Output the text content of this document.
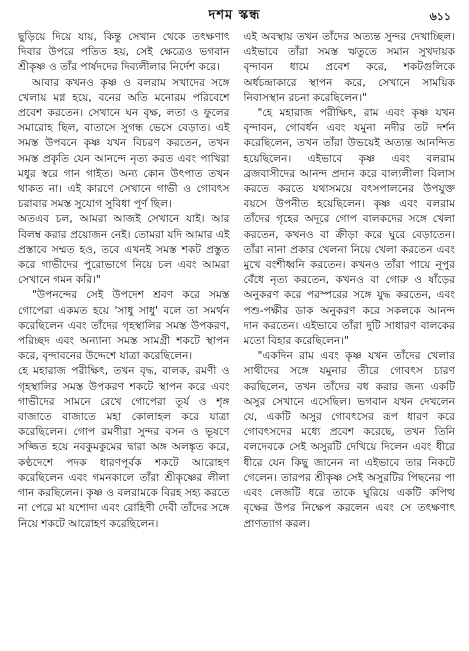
দশম স্কন্ধ	৬১১

ছুড়িয়ে দিয়ে যায়, কিন্তু সেখান থেকে তৎক্ষণাৎ দিবার উপরে পতিত হয়, সেই ক্ষেত্রেও ভগবান শ্রীকৃষ্ণ ও তাঁর পার্ষদদের দিব্যলীলার নির্দেশ করে।

আবার কখনও কৃষ্ণ ও বলরাম সখাদের সঙ্গে খেলায় মগ্ন হয়ে, বনের অতি মনোরম পরিবেশে প্রবেশ করতেন। সেখানে ঘন বৃক্ষ, লতা ও ফুলের সমারোহ ছিল, বাতাসে সুগন্ধ ভেসে বেড়াত। এই সমস্ত উপবনে কৃষ্ণ যখন বিচরণ করতেন, তখন সমস্ত প্রকৃতি যেন আনন্দে নৃত্য করত এবং পাখিরা মধুর স্বরে গান গাইত। অন্য কোন উৎপাত তখন থাকত না। এই কারণে সেখানে গাভী ও গোবৎস চরাবার সমস্ত সুযোগ সুবিধা পূর্ণ ছিল।

অতএব চল, আমরা আজই সেখানে যাই। আর বিলম্ব করার প্রয়োজন নেই। তোমরা যদি আমার এই প্রস্তাবে সম্মত হও, তবে এখনই সমস্ত শকট প্রস্তুত করে গাভীদের পুরোভাগে নিয়ে চল এবং আমরা সেখানে গমন করি।"

"উপনন্দের সেই উপদেশ শ্রবণ করে সমস্ত গোপেরা একমত হয়ে 'সাধু সাধু' বলে তা সমর্থন করেছিলেন এবং তাঁদের গৃহস্থালির সমস্ত উপকরণ, পরিচ্ছদ এবং অন্যান্য সমস্ত সামগ্রী শকটে স্থাপন করে, বৃন্দাবনের উদ্দেশে যাত্রা করেছিলেন।

হে মহারাজ পরীক্ষিৎ, তখন বৃদ্ধ, বালক, রমণী ও গৃহস্থালির সমস্ত উপকরণ শকটে স্থাপন করে এবং গাভীদের সামনে রেখে গোপেরা তূর্য ও শৃঙ্গ বাজাতে বাজাতে মহা কোলাহল করে যাত্রা করেছিলেন। গোপ রমণীরা সুন্দর বসন ও ভূষণে সজ্জিত হয়ে নবকুমকুমের দ্বারা অঙ্গ অলঙ্কৃত করে, কণ্ঠদেশে পদক ধারণপূর্বক শকটে আরোহণ করেছিলেন এবং গমনকালে তাঁরা শ্রীকৃষ্ণের লীলা গান করছিলেন। কৃষ্ণ ও বলরামকে বিরহ সহ্য করতে না পেরে মা যশোদা এবং রোহিণী দেবী তাঁদের সঙ্গে নিয়ে শকটে আরোহণ করেছিলেন।

এই অবস্থায় তখন তাঁদের অত্যন্ত সুন্দর দেখাচ্ছিল। এইভাবে তাঁরা সমস্ত ঋতুতে সমান সুখদায়ক বৃন্দাবন ধামে প্রবেশ করে, শকটগুলিকে অর্ধচন্দ্রাকারে স্থাপন করে, সেখানে সাময়িক নিবাসস্থান রচনা করেছিলেন।"

"হে মহারাজ পরীক্ষিৎ, রাম এবং কৃষ্ণ যখন বৃন্দাবন, গোবর্ধন এবং যমুনা নদীর তট দর্শন করেছিলেন, তখন তাঁরা উভয়েই অত্যন্ত আনন্দিত হয়েছিলেন। এইভাবে কৃষ্ণ এবং বলরাম ব্রজবাসীদের আনন্দ প্রদান করে বাল্যলীলা বিলাস করতে করতে যথাসময়ে বৎসপালনের উপযুক্ত বয়সে উপনীত হয়েছিলেন। কৃষ্ণ এবং বলরাম তাঁদের গৃহের অদূরে গোপ বালকদের সঙ্গে খেলা করতেন, কখনও বা ক্রীড়া করে ঘুরে বেড়াতেন। তাঁরা নানা প্রকার খেলনা নিয়ে খেলা করতেন এবং মুখে বংশীধ্বনি করতেন। কখনও তাঁরা পায়ে নূপুর বেঁধে নৃত্য করতেন, কখনও বা গোরু ও ষাঁড়ের অনুকরণ করে পরস্পরের সঙ্গে যুদ্ধ করতেন, এবং পশু-পক্ষীর ডাক অনুকরণ করে সকলকে আনন্দ দান করতেন। এইভাবে তাঁরা দুটি সাধারণ বালকের মতো বিহার করেছিলেন।"

"একদিন রাম এবং কৃষ্ণ যখন তাঁদের খেলার সাথীদের সঙ্গে যমুনার তীরে গোবৎস চারণ করছিলেন, তখন তাঁদের বধ করার জন্য একটি অসুর সেখানে এসেছিল। ভগবান যখন দেখলেন যে, একটি অসুর গোবৎসের রূপ ধারণ করে গোবৎসদের মধ্যে প্রবেশ করেছে, তখন তিনি বলদেবকে সেই অসুরটি দেখিয়ে দিলেন এবং ধীরে ধীরে যেন কিছু জানেন না এইভাবে তার নিকটে গেলেন। তারপর শ্রীকৃষ্ণ সেই অসুরটির পিছনের পা এবং লেজটি ধরে তাকে ঘুরিয়ে একটি কপিত্থ বৃক্ষের উপর নিক্ষেপ করলেন এবং সে তৎক্ষণাৎ প্রাণত্যাগ করল।
